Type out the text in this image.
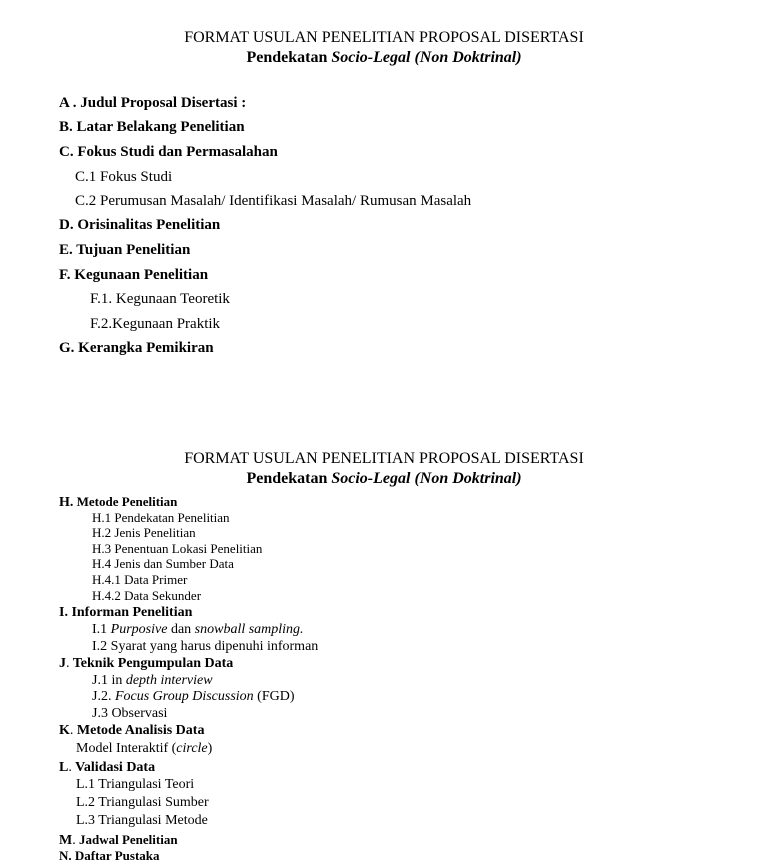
FORMAT USULAN PENELITIAN PROPOSAL DISERTASI
Pendekatan Socio-Legal (Non Doktrinal)
A . Judul Proposal Disertasi :
B. Latar Belakang Penelitian
C. Fokus Studi dan Permasalahan
C.1 Fokus Studi
C.2 Perumusan Masalah/ Identifikasi Masalah/ Rumusan Masalah
D. Orisinalitas Penelitian
E. Tujuan Penelitian
F. Kegunaan Penelitian
F.1. Kegunaan Teoretik
F.2.Kegunaan Praktik
G. Kerangka Pemikiran
FORMAT USULAN PENELITIAN PROPOSAL DISERTASI
Pendekatan Socio-Legal (Non Doktrinal)
H. Metode Penelitian
H.1 Pendekatan Penelitian
H.2 Jenis Penelitian
H.3 Penentuan Lokasi Penelitian
H.4 Jenis dan Sumber Data
H.4.1 Data Primer
H.4.2 Data Sekunder
I. Informan Penelitian
I.1 Purposive dan snowball sampling.
I.2 Syarat yang harus dipenuhi informan
J. Teknik Pengumpulan Data
J.1 in depth interview
J.2. Focus Group Discussion (FGD)
J.3 Observasi
K. Metode Analisis Data
Model Interaktif (circle)
L. Validasi Data
L.1 Triangulasi Teori
L.2 Triangulasi Sumber
L.3 Triangulasi Metode
M. Jadwal Penelitian
N. Daftar Pustaka
